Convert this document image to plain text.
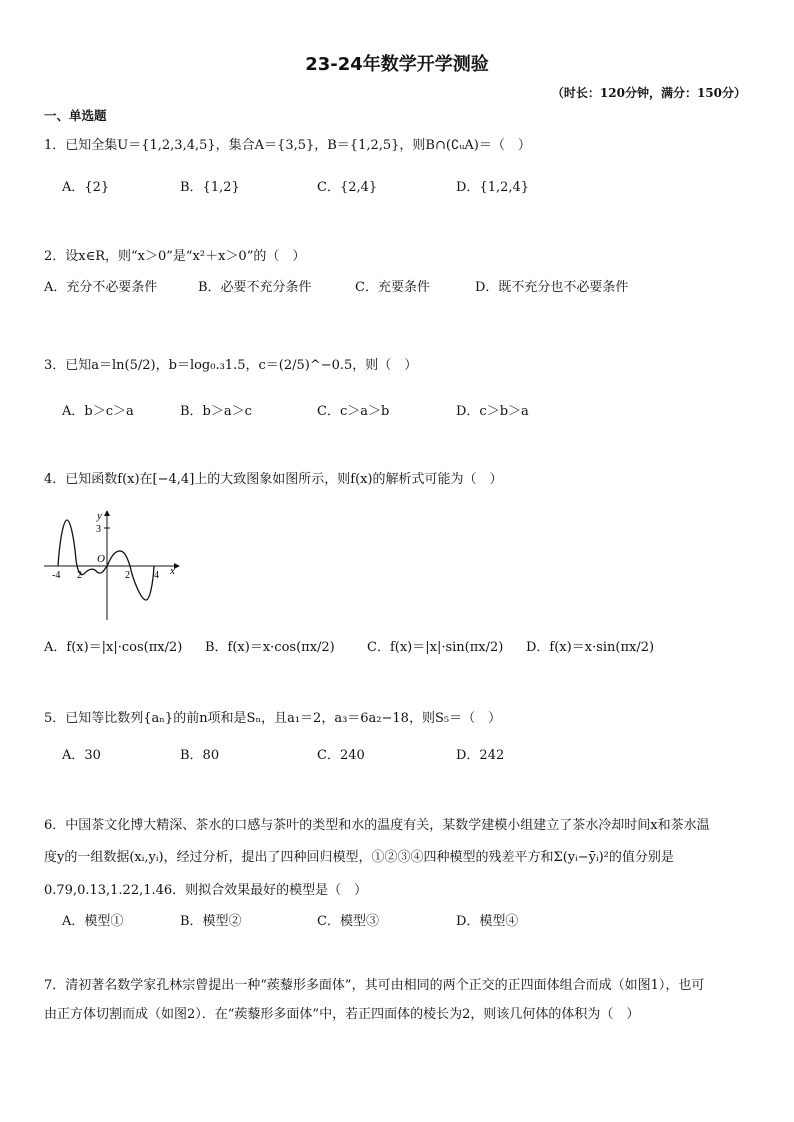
23-24年数学开学测验
（时长：120分钟，满分：150分）
一、单选题
1．已知全集U＝{1,2,3,4,5}，集合A＝{3,5}，B＝{1,2,5}，则B∩(∁ᵤA)＝（　）
A．{2}	B．{1,2}	C．{2,4}	D．{1,2,4}
2．设x∈R，则“x＞0”是“x²＋x＞0”的（　）
A．充分不必要条件	B．必要不充分条件	C．充要条件	D．既不充分也不必要条件
3．已知a＝ln(5/2)，b＝log₀.₃1.5，c＝(2/5)^−0.5，则（　）
A．b＞c＞a	B．b＞a＞c	C．c＞a＞b	D．c＞b＞a
4．已知函数f(x)在[−4,4]上的大致图象如图所示，则f(x)的解析式可能为（　）
y
3
O
-4 2	2 4 x
A．f(x)＝|x|·cos(πx/2) B．f(x)＝x·cos(πx/2) C．f(x)＝|x|·sin(πx/2) D．f(x)＝x·sin(πx/2)
5．已知等比数列{aₙ}的前n项和是Sₙ，且a₁＝2，a₃＝6a₂−18，则S₅＝（　）
A．30	B．80	C．240	D．242
6．中国茶文化博大精深、茶水的口感与茶叶的类型和水的温度有关，某数学建模小组建立了茶水冷却时间x和茶水温
度y的一组数据(xᵢ,yᵢ)，经过分析，提出了四种回归模型，①②③④四种模型的残差平方和Σ(yᵢ−ȳᵢ)²的值分别是
0.79,0.13,1.22,1.46．则拟合效果最好的模型是（　）
A．模型①	B．模型②	C．模型③	D．模型④
7．清初著名数学家孔林宗曾提出一种“蒺藜形多面体”，其可由相同的两个正交的正四面体组合而成（如图1），也可
由正方体切割而成（如图2）．在“蒺藜形多面体”中，若正四面体的棱长为2，则该几何体的体积为（　）
